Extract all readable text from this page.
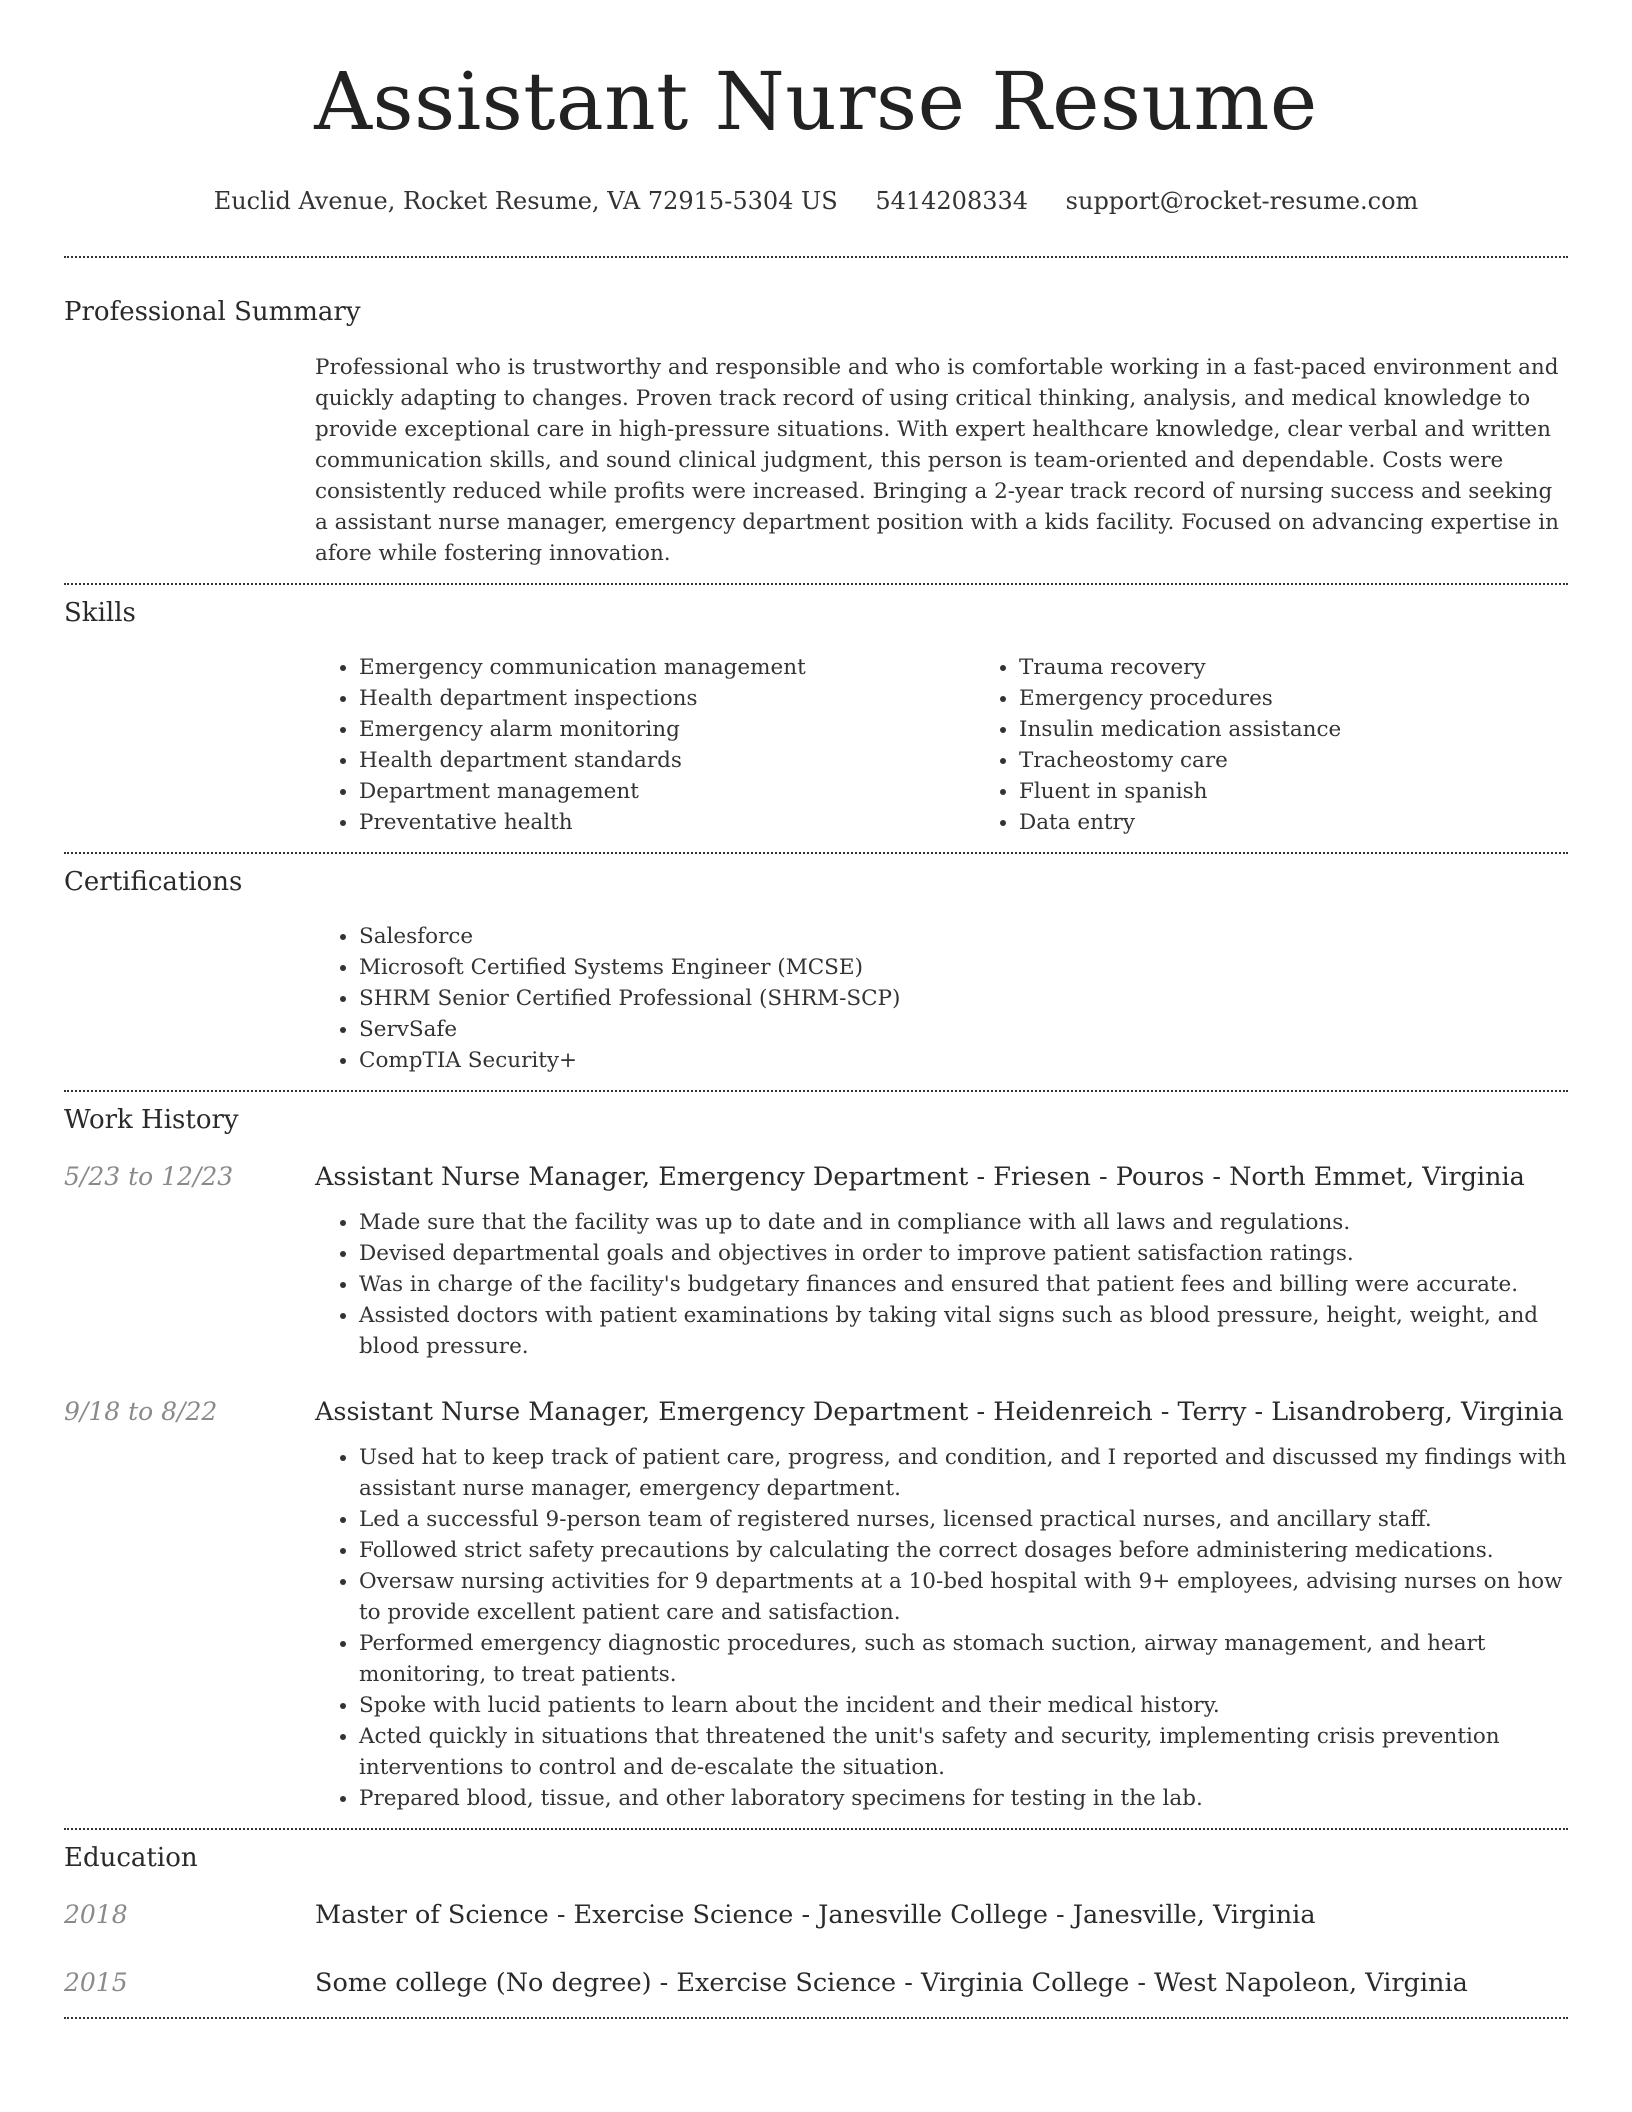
Assistant Nurse Resume
Euclid Avenue, Rocket Resume, VA 72915-5304 US 5414208334 support@rocket-resume.com
Professional Summary

Professional who is trustworthy and responsible and who is comfortable working in a fast-paced environment and quickly adapting to changes. Proven track record of using critical thinking, analysis, and medical knowledge to provide exceptional care in high-pressure situations. With expert healthcare knowledge, clear verbal and written communication skills, and sound clinical judgment, this person is team-oriented and dependable. Costs were consistently reduced while profits were increased. Bringing a 2-year track record of nursing success and seeking a assistant nurse manager, emergency department position with a kids facility. Focused on advancing expertise in afore while fostering innovation.

Skills
• Emergency communication management
• Health department inspections
• Emergency alarm monitoring
• Health department standards
• Department management
• Preventative health
• Trauma recovery
• Emergency procedures
• Insulin medication assistance
• Tracheostomy care
• Fluent in spanish
• Data entry
Certifications
• Salesforce
• Microsoft Certified Systems Engineer (MCSE)
• SHRM Senior Certified Professional (SHRM-SCP)
• ServSafe
• CompTIA Security+
Work History
5/23 to 12/23	Assistant Nurse Manager, Emergency Department - Friesen - Pouros - North Emmet, Virginia
• Made sure that the facility was up to date and in compliance with all laws and regulations.
• Devised departmental goals and objectives in order to improve patient satisfaction ratings.
• Was in charge of the facility's budgetary finances and ensured that patient fees and billing were accurate.
• Assisted doctors with patient examinations by taking vital signs such as blood pressure, height, weight, and blood pressure.
9/18 to 8/22	Assistant Nurse Manager, Emergency Department - Heidenreich - Terry - Lisandroberg, Virginia
• Used hat to keep track of patient care, progress, and condition, and I reported and discussed my findings with assistant nurse manager, emergency department.
• Led a successful 9-person team of registered nurses, licensed practical nurses, and ancillary staff.
• Followed strict safety precautions by calculating the correct dosages before administering medications.
• Oversaw nursing activities for 9 departments at a 10-bed hospital with 9+ employees, advising nurses on how to provide excellent patient care and satisfaction.
• Performed emergency diagnostic procedures, such as stomach suction, airway management, and heart monitoring, to treat patients.
• Spoke with lucid patients to learn about the incident and their medical history.
• Acted quickly in situations that threatened the unit's safety and security, implementing crisis prevention interventions to control and de-escalate the situation.
• Prepared blood, tissue, and other laboratory specimens for testing in the lab.
Education
2018	Master of Science - Exercise Science - Janesville College - Janesville, Virginia
2015	Some college (No degree) - Exercise Science - Virginia College - West Napoleon, Virginia
